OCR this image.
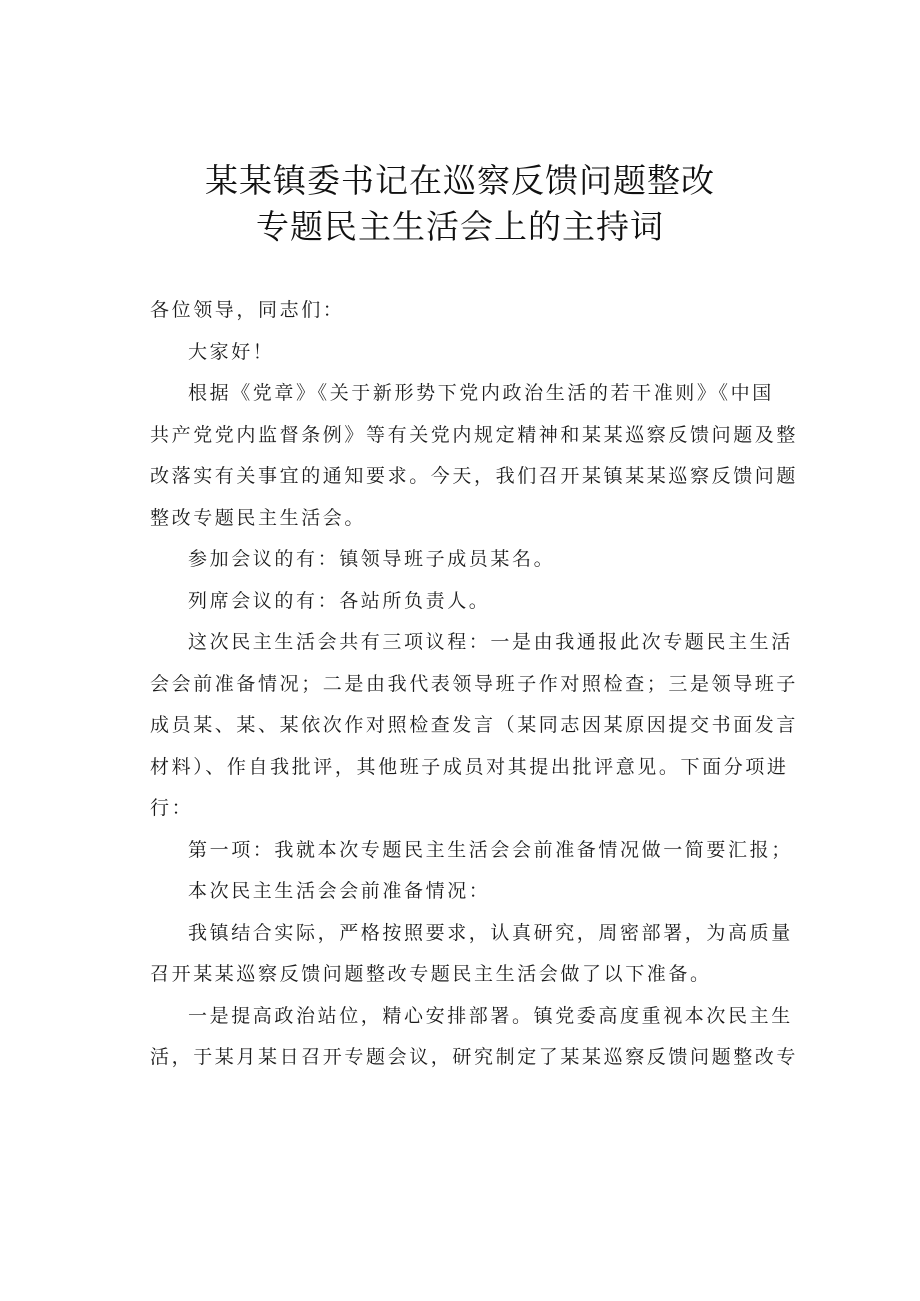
某某镇委书记在巡察反馈问题整改
专题民主生活会上的主持词

各位领导，同志们：

大家好！

根据《党章》《关于新形势下党内政治生活的若干准则》《中国
共产党党内监督条例》等有关党内规定精神和某某巡察反馈问题及整
改落实有关事宜的通知要求。今天，我们召开某镇某某巡察反馈问题
整改专题民主生活会。

参加会议的有：镇领导班子成员某名。

列席会议的有：各站所负责人。

这次民主生活会共有三项议程：一是由我通报此次专题民主生活
会会前准备情况；二是由我代表领导班子作对照检查；三是领导班子
成员某、某、某依次作对照检查发言（某同志因某原因提交书面发言
材料）、作自我批评，其他班子成员对其提出批评意见。下面分项进
行：

第一项：我就本次专题民主生活会会前准备情况做一简要汇报；

本次民主生活会会前准备情况：

我镇结合实际，严格按照要求，认真研究，周密部署，为高质量
召开某某巡察反馈问题整改专题民主生活会做了以下准备。

一是提高政治站位，精心安排部署。镇党委高度重视本次民主生
活，于某月某日召开专题会议，研究制定了某某巡察反馈问题整改专
